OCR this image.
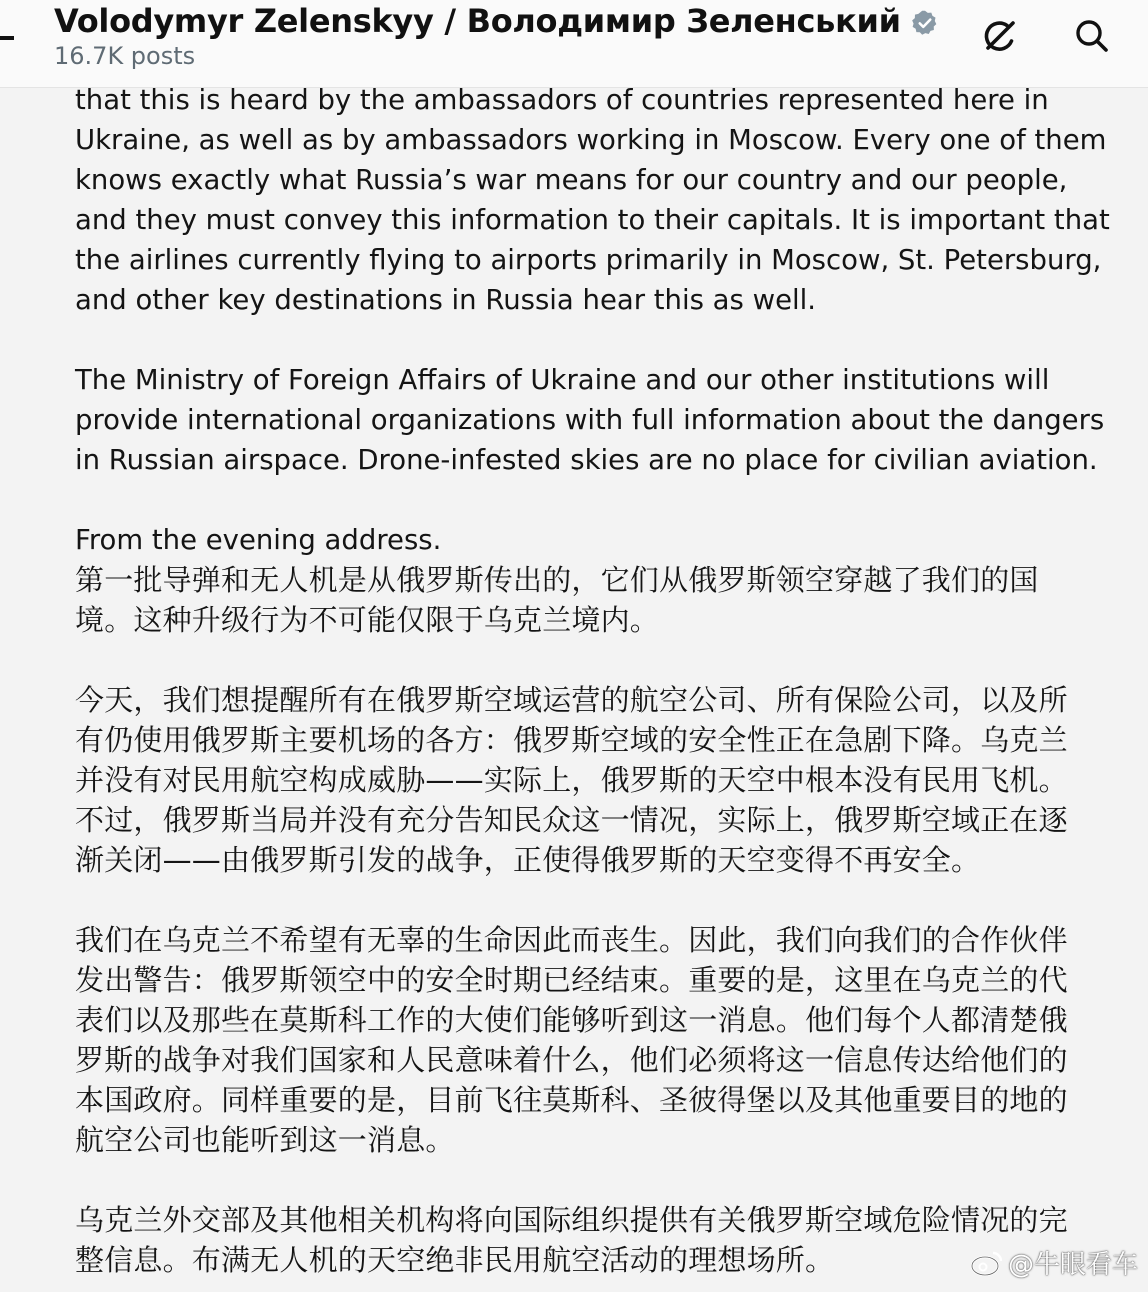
Volodymyr Zelenskyy / Володимир Зеленський
16.7K posts

that this is heard by the ambassadors of countries represented here in
Ukraine, as well as by ambassadors working in Moscow. Every one of them
knows exactly what Russia’s war means for our country and our people,
and they must convey this information to their capitals. It is important that
the airlines currently flying to airports primarily in Moscow, St. Petersburg,
and other key destinations in Russia hear this as well.

The Ministry of Foreign Affairs of Ukraine and our other institutions will
provide international organizations with full information about the dangers
in Russian airspace. Drone-infested skies are no place for civilian aviation.

From the evening address.

第一批导弹和无人机是从俄罗斯传出的，它们从俄罗斯领空穿越了我们的国
境。这种升级行为不可能仅限于乌克兰境内。

今天，我们想提醒所有在俄罗斯空域运营的航空公司、所有保险公司，以及所
有仍使用俄罗斯主要机场的各方：俄罗斯空域的安全性正在急剧下降。乌克兰
并没有对民用航空构成威胁——实际上，俄罗斯的天空中根本没有民用飞机。
不过，俄罗斯当局并没有充分告知民众这一情况，实际上，俄罗斯空域正在逐
渐关闭——由俄罗斯引发的战争，正使得俄罗斯的天空变得不再安全。

我们在乌克兰不希望有无辜的生命因此而丧生。因此，我们向我们的合作伙伴
发出警告：俄罗斯领空中的安全时期已经结束。重要的是，这里在乌克兰的代
表们以及那些在莫斯科工作的大使们能够听到这一消息。他们每个人都清楚俄
罗斯的战争对我们国家和人民意味着什么，他们必须将这一信息传达给他们的
本国政府。同样重要的是，目前飞往莫斯科、圣彼得堡以及其他重要目的地的
航空公司也能听到这一消息。

乌克兰外交部及其他相关机构将向国际组织提供有关俄罗斯空域危险情况的完
整信息。布满无人机的天空绝非民用航空活动的理想场所。	@牛眼看车
